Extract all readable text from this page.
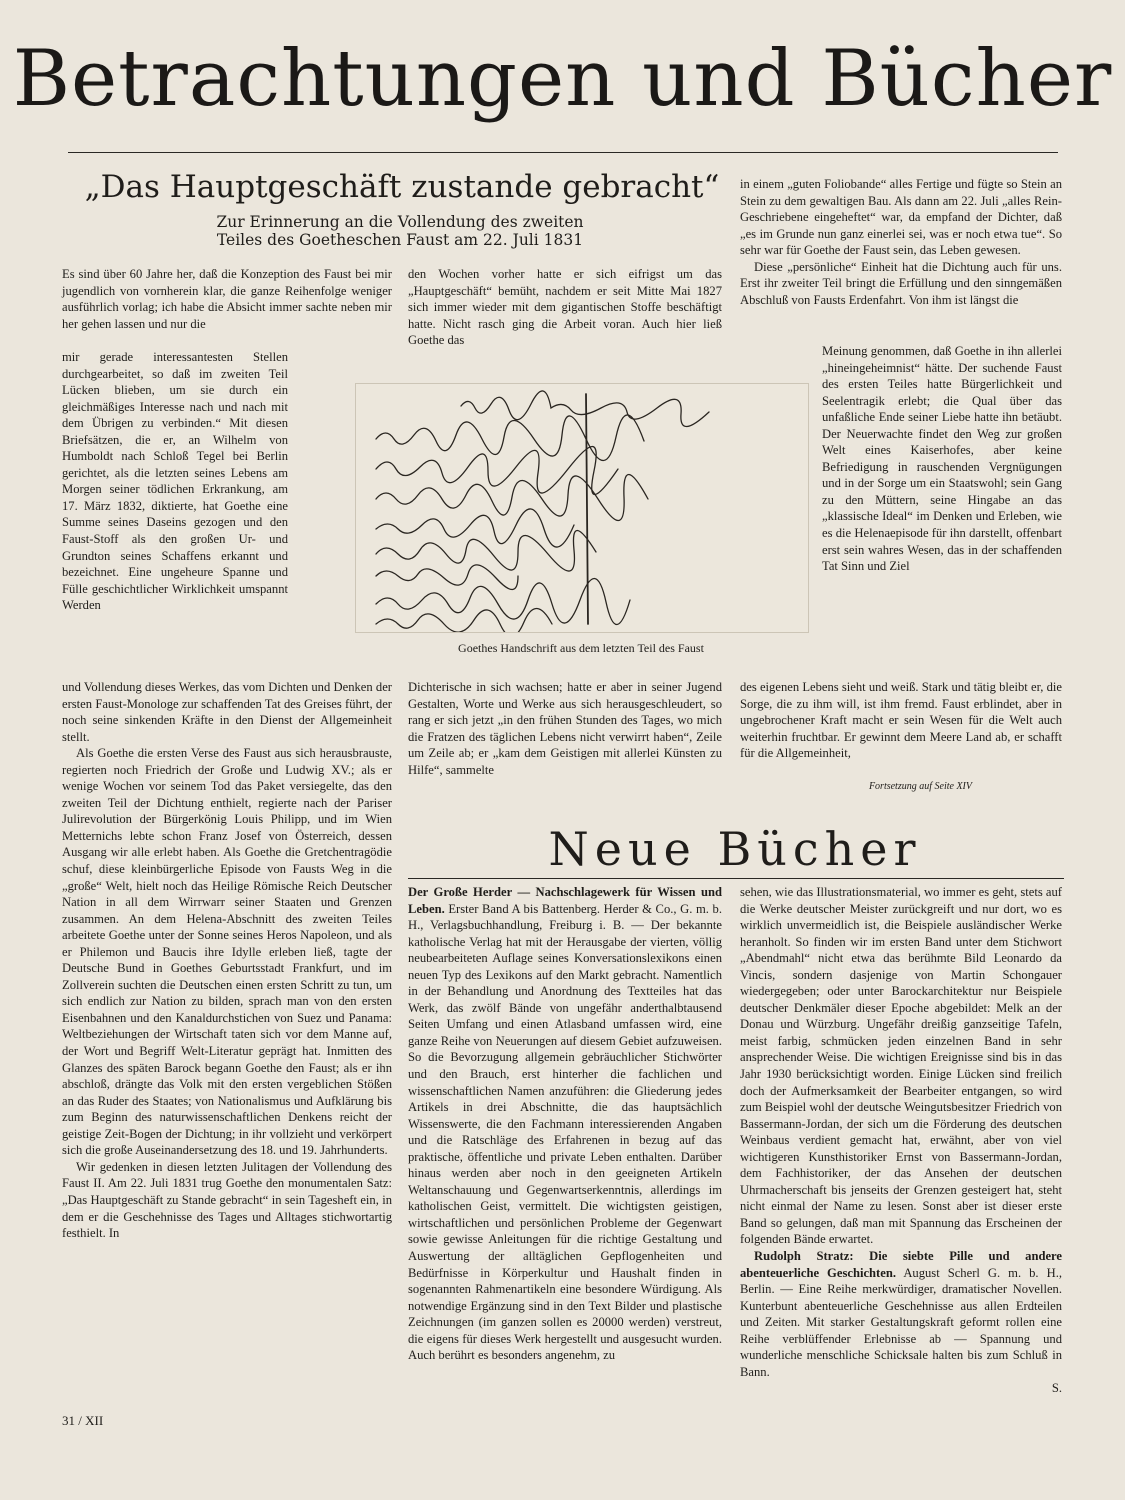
Betrachtungen und Bücher
„Das Hauptgeschäft zustande gebracht“
Zur Erinnerung an die Vollendung des zweiten
Teiles des Goetheschen Faust am 22. Juli 1831

Es sind über 60 Jahre her, daß die Konzeption des Faust bei mir jugendlich von vornherein klar, die ganze Reihenfolge weniger ausführlich vorlag; ich habe die Absicht immer sachte neben mir her gehen lassen und nur die

mir gerade interessantesten Stellen durchgearbeitet, so daß im zweiten Teil Lücken blieben, um sie durch ein gleichmäßiges Interesse nach und nach mit dem Übrigen zu verbinden.“ Mit diesen Briefsätzen, die er, an Wilhelm von Humboldt nach Schloß Tegel bei Berlin gerichtet, als die letzten seines Lebens am Morgen seiner tödlichen Erkrankung, am 17. März 1832, diktierte, hat Goethe eine Summe seines Daseins gezogen und den Faust-Stoff als den großen Ur- und Grundton seines Schaffens erkannt und bezeichnet. Eine ungeheure Spanne und Fülle geschichtlicher Wirklichkeit umspannt Werden

und Vollendung dieses Werkes, das vom Dichten und Denken der ersten Faust-Monologe zur schaffenden Tat des Greises führt, der noch seine sinkenden Kräfte in den Dienst der Allgemeinheit stellt.

Als Goethe die ersten Verse des Faust aus sich herausbrauste, regierten noch Friedrich der Große und Ludwig XV.; als er wenige Wochen vor seinem Tod das Paket versiegelte, das den zweiten Teil der Dichtung enthielt, regierte nach der Pariser Julirevolution der Bürgerkönig Louis Philipp, und im Wien Metternichs lebte schon Franz Josef von Österreich, dessen Ausgang wir alle erlebt haben. Als Goethe die Gretchentragödie schuf, diese kleinbürgerliche Episode von Fausts Weg in die „große“ Welt, hielt noch das Heilige Römische Reich Deutscher Nation in all dem Wirrwarr seiner Staaten und Grenzen zusammen. An dem Helena-Abschnitt des zweiten Teiles arbeitete Goethe unter der Sonne seines Heros Napoleon, und als er Philemon und Baucis ihre Idylle erleben ließ, tagte der Deutsche Bund in Goethes Geburtsstadt Frankfurt, und im Zollverein suchten die Deutschen einen ersten Schritt zu tun, um sich endlich zur Nation zu bilden, sprach man von den ersten Eisenbahnen und den Kanaldurchstichen von Suez und Panama: Weltbeziehungen der Wirtschaft taten sich vor dem Manne auf, der Wort und Begriff Welt-Literatur geprägt hat. Inmitten des Glanzes des späten Barock begann Goethe den Faust; als er ihn abschloß, drängte das Volk mit den ersten vergeblichen Stößen an das Ruder des Staates; von Nationalismus und Aufklärung bis zum Beginn des naturwissenschaftlichen Denkens reicht der geistige Zeit-Bogen der Dichtung; in ihr vollzieht und verkörpert sich die große Auseinandersetzung des 18. und 19. Jahrhunderts.

Wir gedenken in diesen letzten Julitagen der Vollendung des Faust II. Am 22. Juli 1831 trug Goethe den monumentalen Satz: „Das Hauptgeschäft zu Stande gebracht“ in sein Tagesheft ein, in dem er die Geschehnisse des Tages und Alltages stichwortartig festhielt. In

den Wochen vorher hatte er sich eifrigst um das „Hauptgeschäft“ bemüht, nachdem er seit Mitte Mai 1827 sich immer wieder mit dem gigantischen Stoffe beschäftigt hatte. Nicht rasch ging die Arbeit voran. Auch hier ließ Goethe das

Goethes Handschrift aus dem letzten Teil des Faust

Dichterische in sich wachsen; hatte er aber in seiner Jugend Gestalten, Worte und Werke aus sich herausgeschleudert, so rang er sich jetzt „in den frühen Stunden des Tages, wo mich die Fratzen des täglichen Lebens nicht verwirrt haben“, Zeile um Zeile ab; er „kam dem Geistigen mit allerlei Künsten zu Hilfe“, sammelte

in einem „guten Foliobande“ alles Fertige und fügte so Stein an Stein zu dem gewaltigen Bau. Als dann am 22. Juli „alles Rein-Geschriebene eingeheftet“ war, da empfand der Dichter, daß „es im Grunde nun ganz einerlei sei, was er noch etwa tue“. So sehr war für Goethe der Faust sein, das Leben gewesen.

Diese „persönliche“ Einheit hat die Dichtung auch für uns. Erst ihr zweiter Teil bringt die Erfüllung und den sinngemäßen Abschluß von Fausts Erdenfahrt. Von ihm ist längst die

Meinung genommen, daß Goethe in ihn allerlei „hineingeheimnist“ hätte. Der suchende Faust des ersten Teiles hatte Bürgerlichkeit und Seelentragik erlebt; die Qual über das unfaßliche Ende seiner Liebe hatte ihn betäubt. Der Neuerwachte findet den Weg zur großen Welt eines Kaiserhofes, aber keine Befriedigung in rauschenden Vergnügungen und in der Sorge um ein Staatswohl; sein Gang zu den Müttern, seine Hingabe an das „klassische Ideal“ im Denken und Erleben, wie es die Helenaepisode für ihn darstellt, offenbart erst sein wahres Wesen, das in der schaffenden Tat Sinn und Ziel

des eigenen Lebens sieht und weiß. Stark und tätig bleibt er, die Sorge, die zu ihm will, ist ihm fremd. Faust erblindet, aber in ungebrochener Kraft macht er sein Wesen für die Welt auch weiterhin fruchtbar. Er gewinnt dem Meere Land ab, er schafft für die Allgemeinheit,

Fortsetzung auf Seite XIV
Neue Bücher

Der Große Herder — Nachschlagewerk für Wissen und Leben. Erster Band A bis Battenberg. Herder & Co., G. m. b. H., Verlagsbuchhandlung, Freiburg i. B. — Der bekannte katholische Verlag hat mit der Herausgabe der vierten, völlig neubearbeiteten Auflage seines Konversationslexikons einen neuen Typ des Lexikons auf den Markt gebracht. Namentlich in der Behandlung und Anordnung des Textteiles hat das Werk, das zwölf Bände von ungefähr anderthalbtausend Seiten Umfang und einen Atlasband umfassen wird, eine ganze Reihe von Neuerungen auf diesem Gebiet aufzuweisen. So die Bevorzugung allgemein gebräuchlicher Stichwörter und den Brauch, erst hinterher die fachlichen und wissenschaftlichen Namen anzuführen: die Gliederung jedes Artikels in drei Abschnitte, die das hauptsächlich Wissenswerte, die den Fachmann interessierenden Angaben und die Ratschläge des Erfahrenen in bezug auf das praktische, öffentliche und private Leben enthalten. Darüber hinaus werden aber noch in den geeigneten Artikeln Weltanschauung und Gegenwartserkenntnis, allerdings im katholischen Geist, vermittelt. Die wichtigsten geistigen, wirtschaftlichen und persönlichen Probleme der Gegenwart sowie gewisse Anleitungen für die richtige Gestaltung und Auswertung der alltäglichen Gepflogenheiten und Bedürfnisse in Körperkultur und Haushalt finden in sogenannten Rahmenartikeln eine besondere Würdigung. Als notwendige Ergänzung sind in den Text Bilder und plastische Zeichnungen (im ganzen sollen es 20000 werden) verstreut, die eigens für dieses Werk hergestellt und ausgesucht wurden. Auch berührt es besonders angenehm, zu

sehen, wie das Illustrationsmaterial, wo immer es geht, stets auf die Werke deutscher Meister zurückgreift und nur dort, wo es wirklich unvermeidlich ist, die Beispiele ausländischer Werke heranholt. So finden wir im ersten Band unter dem Stichwort „Abendmahl“ nicht etwa das berühmte Bild Leonardo da Vincis, sondern dasjenige von Martin Schongauer wiedergegeben; oder unter Barockarchitektur nur Beispiele deutscher Denkmäler dieser Epoche abgebildet: Melk an der Donau und Würzburg. Ungefähr dreißig ganzseitige Tafeln, meist farbig, schmücken jeden einzelnen Band in sehr ansprechender Weise. Die wichtigen Ereignisse sind bis in das Jahr 1930 berücksichtigt worden. Einige Lücken sind freilich doch der Aufmerksamkeit der Bearbeiter entgangen, so wird zum Beispiel wohl der deutsche Weingutsbesitzer Friedrich von Bassermann-Jordan, der sich um die Förderung des deutschen Weinbaus verdient gemacht hat, erwähnt, aber von viel wichtigeren Kunsthistoriker Ernst von Bassermann-Jordan, dem Fachhistoriker, der das Ansehen der deutschen Uhrmacherschaft bis jenseits der Grenzen gesteigert hat, steht nicht einmal der Name zu lesen. Sonst aber ist dieser erste Band so gelungen, daß man mit Spannung das Erscheinen der folgenden Bände erwartet.

Rudolph Stratz: Die siebte Pille und andere abenteuerliche Geschichten. August Scherl G. m. b. H., Berlin. — Eine Reihe merkwürdiger, dramatischer Novellen. Kunterbunt abenteuerliche Geschehnisse aus allen Erdteilen und Zeiten. Mit starker Gestaltungskraft geformt rollen eine Reihe verblüffender Erlebnisse ab — Spannung und wunderliche menschliche Schicksale halten bis zum Schluß in Bann.

S.
31 / XII
